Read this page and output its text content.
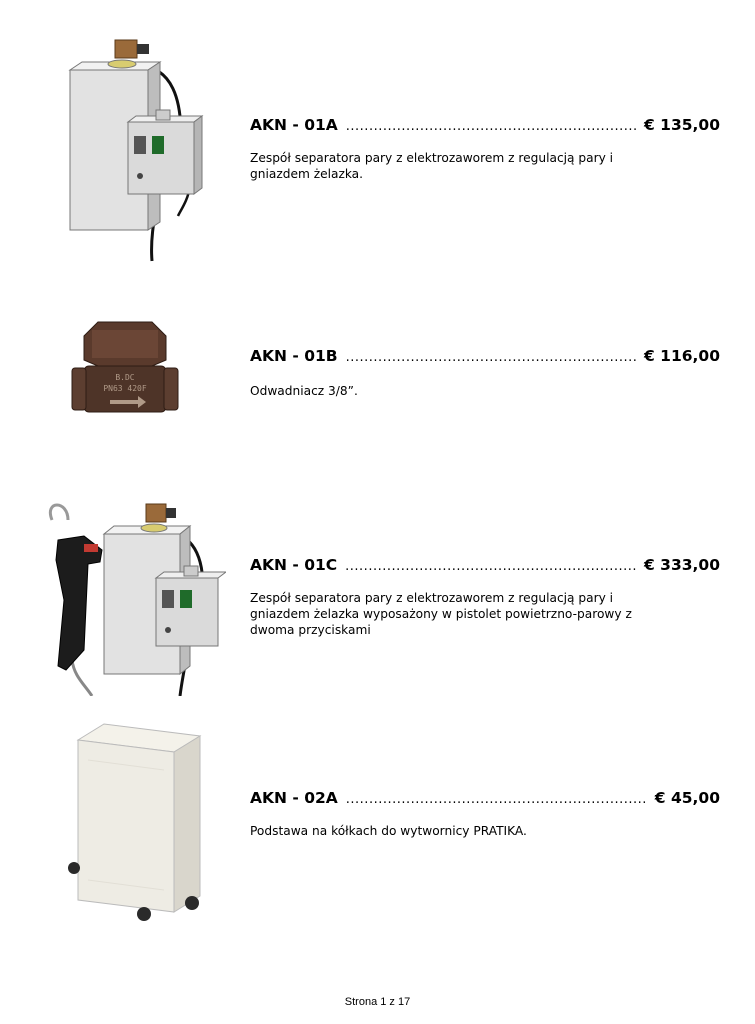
AKN - 01A .....	€ 135,00
Zespół separatora pary z elektrozaworem z regulacją pary i gniazdem żelazka.
B.DC
PN63 420F
AKN - 01B .....	€ 116,00
Odwadniacz 3/8”.
AKN - 01C .....	€ 333,00
Zespół separatora pary z elektrozaworem z regulacją pary i gniazdem żelazka wyposażony w pistolet powietrzno-parowy z dwoma przyciskami
AKN - 02A .....	€ 45,00
Podstawa na kółkach do wytwornicy PRATIKA.
Strona 1 z 17
